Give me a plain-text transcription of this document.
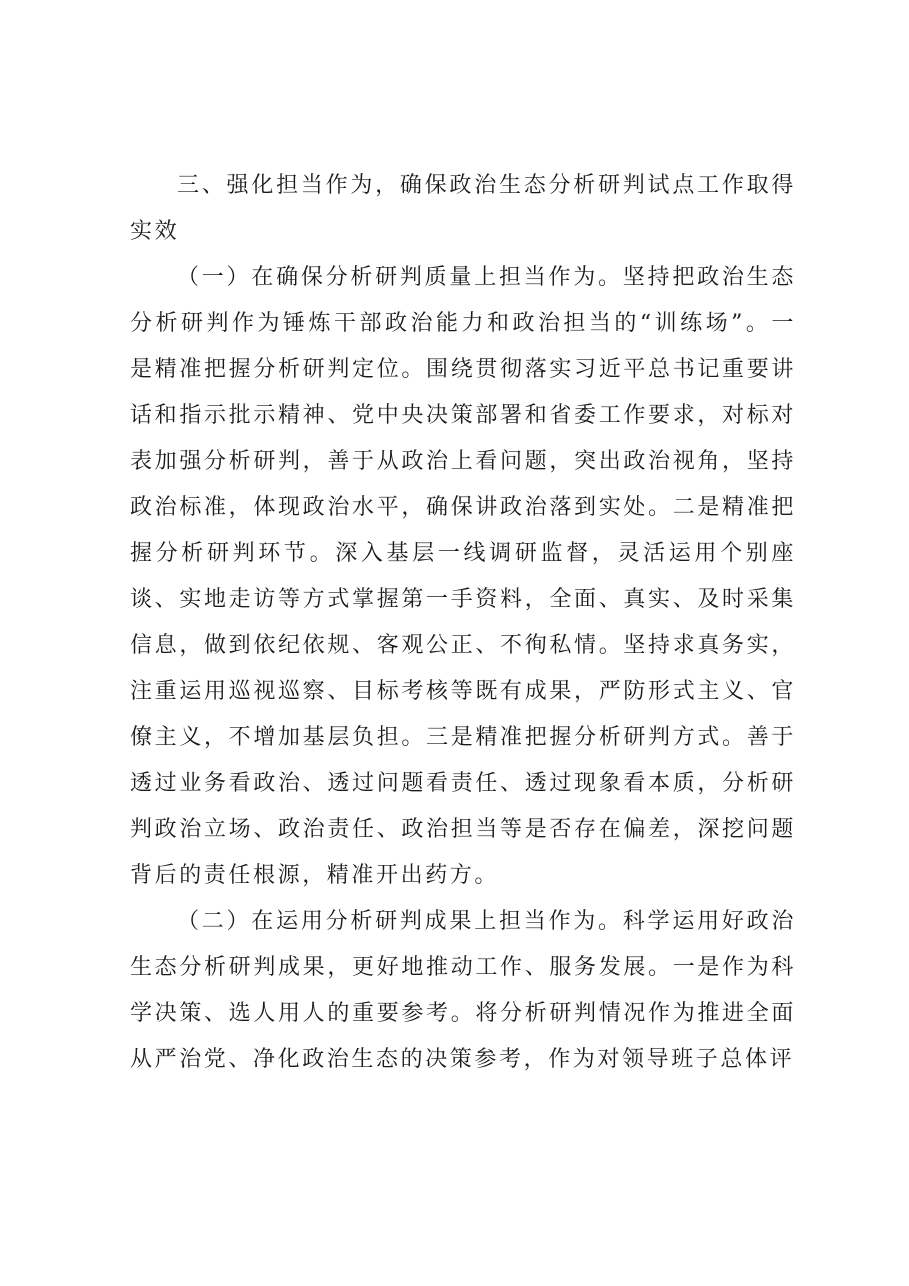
三、强化担当作为，确保政治生态分析研判试点工作取得实效

（一）在确保分析研判质量上担当作为。坚持把政治生态分析研判作为锤炼干部政治能力和政治担当的“训练场”。一是精准把握分析研判定位。围绕贯彻落实习近平总书记重要讲话和指示批示精神、党中央决策部署和省委工作要求，对标对表加强分析研判，善于从政治上看问题，突出政治视角，坚持政治标准，体现政治水平，确保讲政治落到实处。二是精准把握分析研判环节。深入基层一线调研监督，灵活运用个别座谈、实地走访等方式掌握第一手资料，全面、真实、及时采集信息，做到依纪依规、客观公正、不徇私情。坚持求真务实，注重运用巡视巡察、目标考核等既有成果，严防形式主义、官僚主义，不增加基层负担。三是精准把握分析研判方式。善于透过业务看政治、透过问题看责任、透过现象看本质，分析研判政治立场、政治责任、政治担当等是否存在偏差，深挖问题背后的责任根源，精准开出药方。

（二）在运用分析研判成果上担当作为。科学运用好政治生态分析研判成果，更好地推动工作、服务发展。一是作为科学决策、选人用人的重要参考。将分析研判情况作为推进全面从严治党、净化政治生态的决策参考，作为对领导班子总体评
